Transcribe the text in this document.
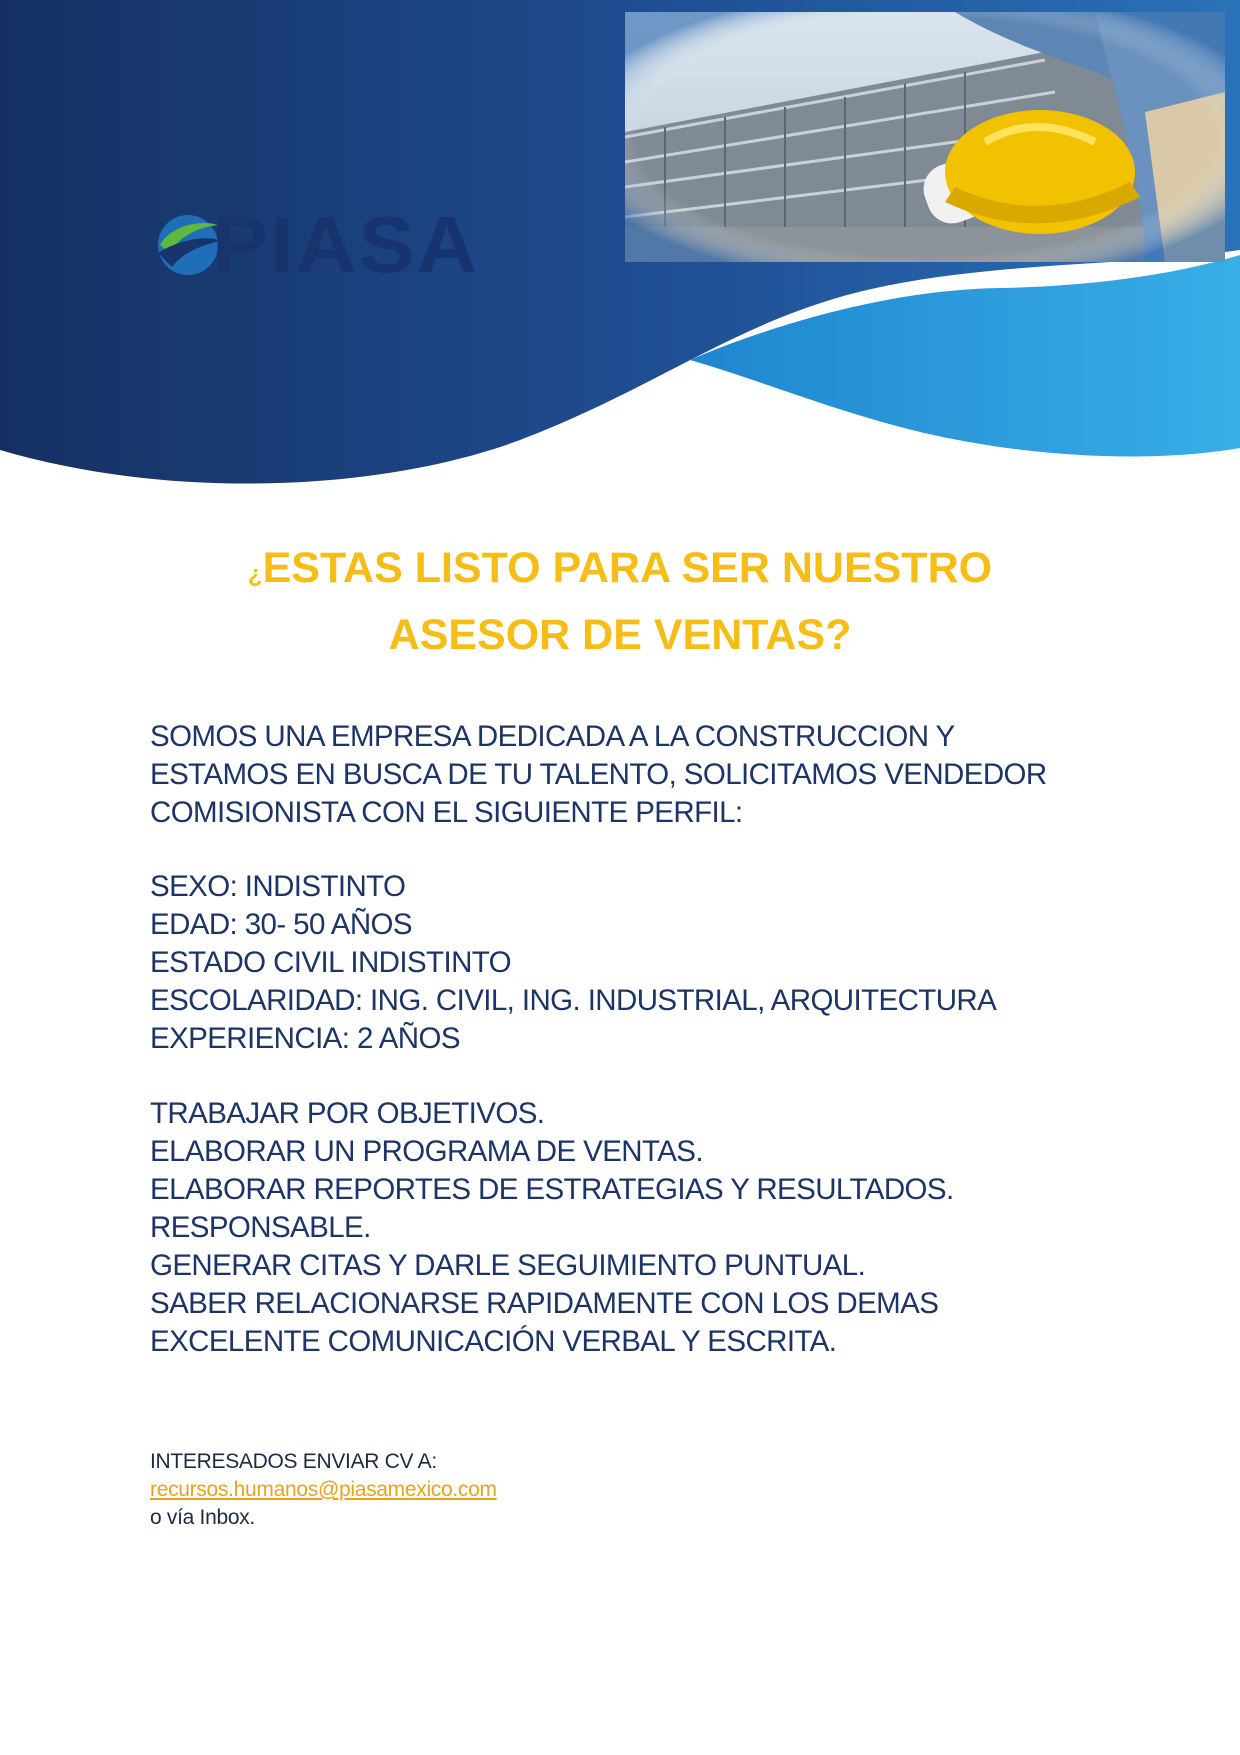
PIASA
¿ESTAS LISTO PARA SER NUESTRO
ASESOR DE VENTAS?

SOMOS UNA EMPRESA DEDICADA A LA CONSTRUCCION Y

ESTAMOS EN BUSCA DE TU TALENTO, SOLICITAMOS VENDEDOR

COMISIONISTA CON EL SIGUIENTE PERFIL:

SEXO: INDISTINTO

EDAD: 30- 50 AÑOS

ESTADO CIVIL INDISTINTO

ESCOLARIDAD: ING. CIVIL, ING. INDUSTRIAL, ARQUITECTURA

EXPERIENCIA: 2 AÑOS

TRABAJAR POR OBJETIVOS.

ELABORAR UN PROGRAMA DE VENTAS.

ELABORAR REPORTES DE ESTRATEGIAS Y RESULTADOS.

RESPONSABLE.

GENERAR CITAS Y DARLE SEGUIMIENTO PUNTUAL.

SABER RELACIONARSE RAPIDAMENTE CON LOS DEMAS

EXCELENTE COMUNICACIÓN VERBAL Y ESCRITA.

INTERESADOS ENVIAR CV A:
recursos.humanos@piasamexico.com
o vía Inbox.
